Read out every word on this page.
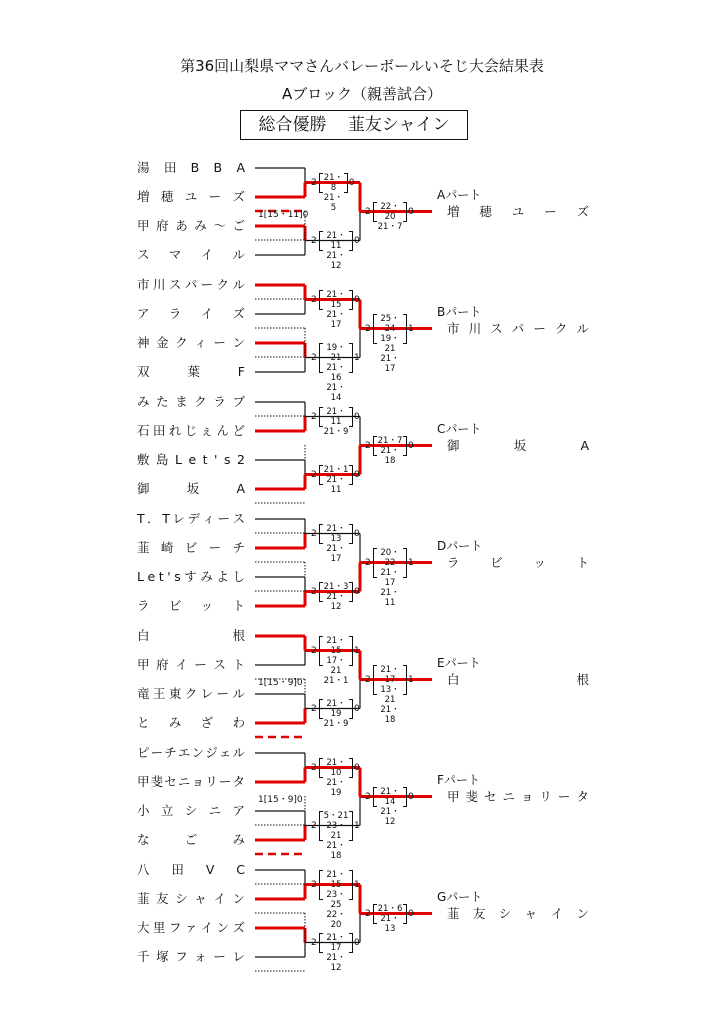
第36回山梨県ママさんバレーボールいそじ大会結果表
Aブロック（親善試合）
総合優勝 韮友シャイン
湯 田 B B A
増 穂 ユ ー ズ
甲 府 あ み ～ ご
ス マ イ ル
2 21・8
21・5
0
2	21・11
21・12
0
2	22・20
21・7
0
Aパート
増 穂 ユ ー ズ
1[15・11]0
市 川 ス パ ー ク ル
ア ラ イ ズ
神 金 ク ィ ー ン
双	葉	F
2	21・15
21・17
0
2
19・21
21・16
21・14
1
2
25・24
19・21
21・17
1
Bパート
市 川 ス パ ー ク ル
み た ま ク ラ ブ
石 田 れ じ ぇ ん ど
敷 島 L e t ' s 2
御	坂	A
2	21・11
21・9
0
2 21・1
21・11
0
2 21・7
21・18
0
Cパート
御	坂	A
T ． T レ デ ィ ー ス
韮 崎 ビ ー チ
L e t ' s す み よ し
ラ ビ ッ ト
2	21・13
21・17
0
2 21・3
21・12
0
2
20・22
21・17
21・11
1
Dパート
ラ ビ ッ ト
白	根
甲 府 イ ー ス ト
竜 王 東 ク レ ー ル
と み ざ わ
2
21・15
17・21
21・1
1
2	21・19
21・9
0
2
21・17
13・21
21・18
1
Eパート
白	根
1[15・9]0
ピ ー チ エ ン ジ ェ ル
甲 斐 セ ニ ョ リ ー タ
小 立 シ ニ ア
な	ご	み
2	21・10
21・19
0
2
5・21
23・21
21・18
1
2	21・14
21・12
0
Fパート
甲 斐 セ ニ ョ リ ー タ
1[15・9]0
八 田 V C
韮 友 シ ャ イ ン
大 里 フ ァ イ ン ズ
千 塚 フ ォ ー レ
2
21・15
23・25
22・20
1
2	21・17
21・12
0
2 21・6
21・13
0
Gパート
韮 友 シ ャ イ ン
